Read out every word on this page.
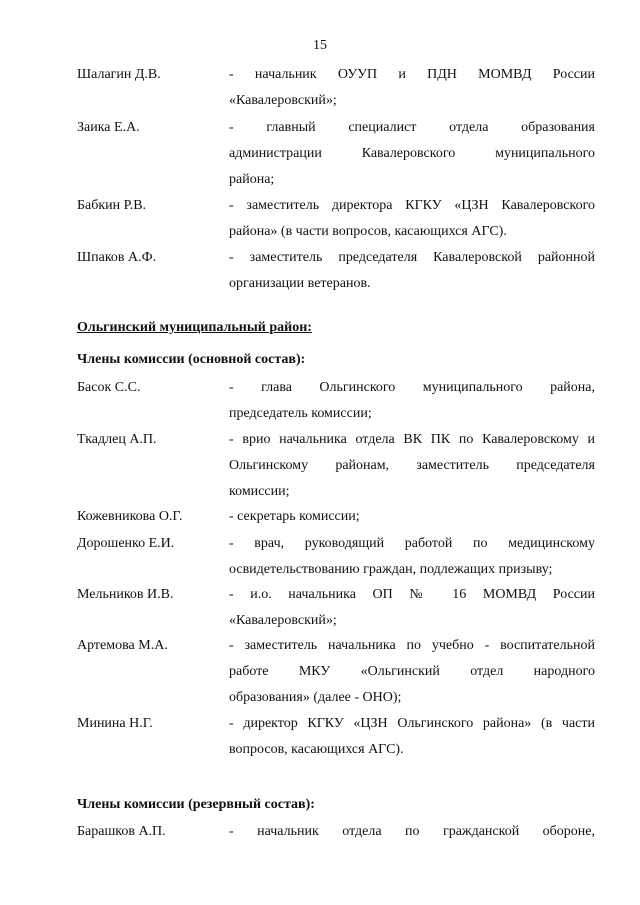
15
Шалагин Д.В.	- начальник ОУУП и ПДН МОМВД России
«Кавалеровский»;
Заика Е.А.	- главный специалист отдела образования
администрации Кавалеровского муниципального
района;
Бабкин Р.В.	- заместитель директора КГКУ «ЦЗН Кавалеровского
района» (в части вопросов, касающихся АГС).
Шпаков А.Ф.	- заместитель председателя Кавалеровской районной
организации ветеранов.
Ольгинский муниципальный район:
Члены комиссии (основной состав):
Басок С.С.	- глава Ольгинского муниципального района,
председатель комиссии;
Ткадлец А.П.	- врио начальника отдела ВК ПК по Кавалеровскому и
Ольгинскому районам, заместитель председателя
комиссии;
Кожевникова О.Г.	- секретарь комиссии;
Дорошенко Е.И.	- врач, руководящий работой по медицинскому
освидетельствованию граждан, подлежащих призыву;
Мельников И.В.	- и.о. начальника ОП № 16 МОМВД России
«Кавалеровский»;
Артемова М.А.	- заместитель начальника по учебно - воспитательной
работе МКУ «Ольгинский отдел народного
образования» (далее - ОНО);
Минина Н.Г.	- директор КГКУ «ЦЗН Ольгинского района» (в части
вопросов, касающихся АГС).
Члены комиссии (резервный состав):
Барашков А.П.	- начальник отдела по гражданской обороне,
